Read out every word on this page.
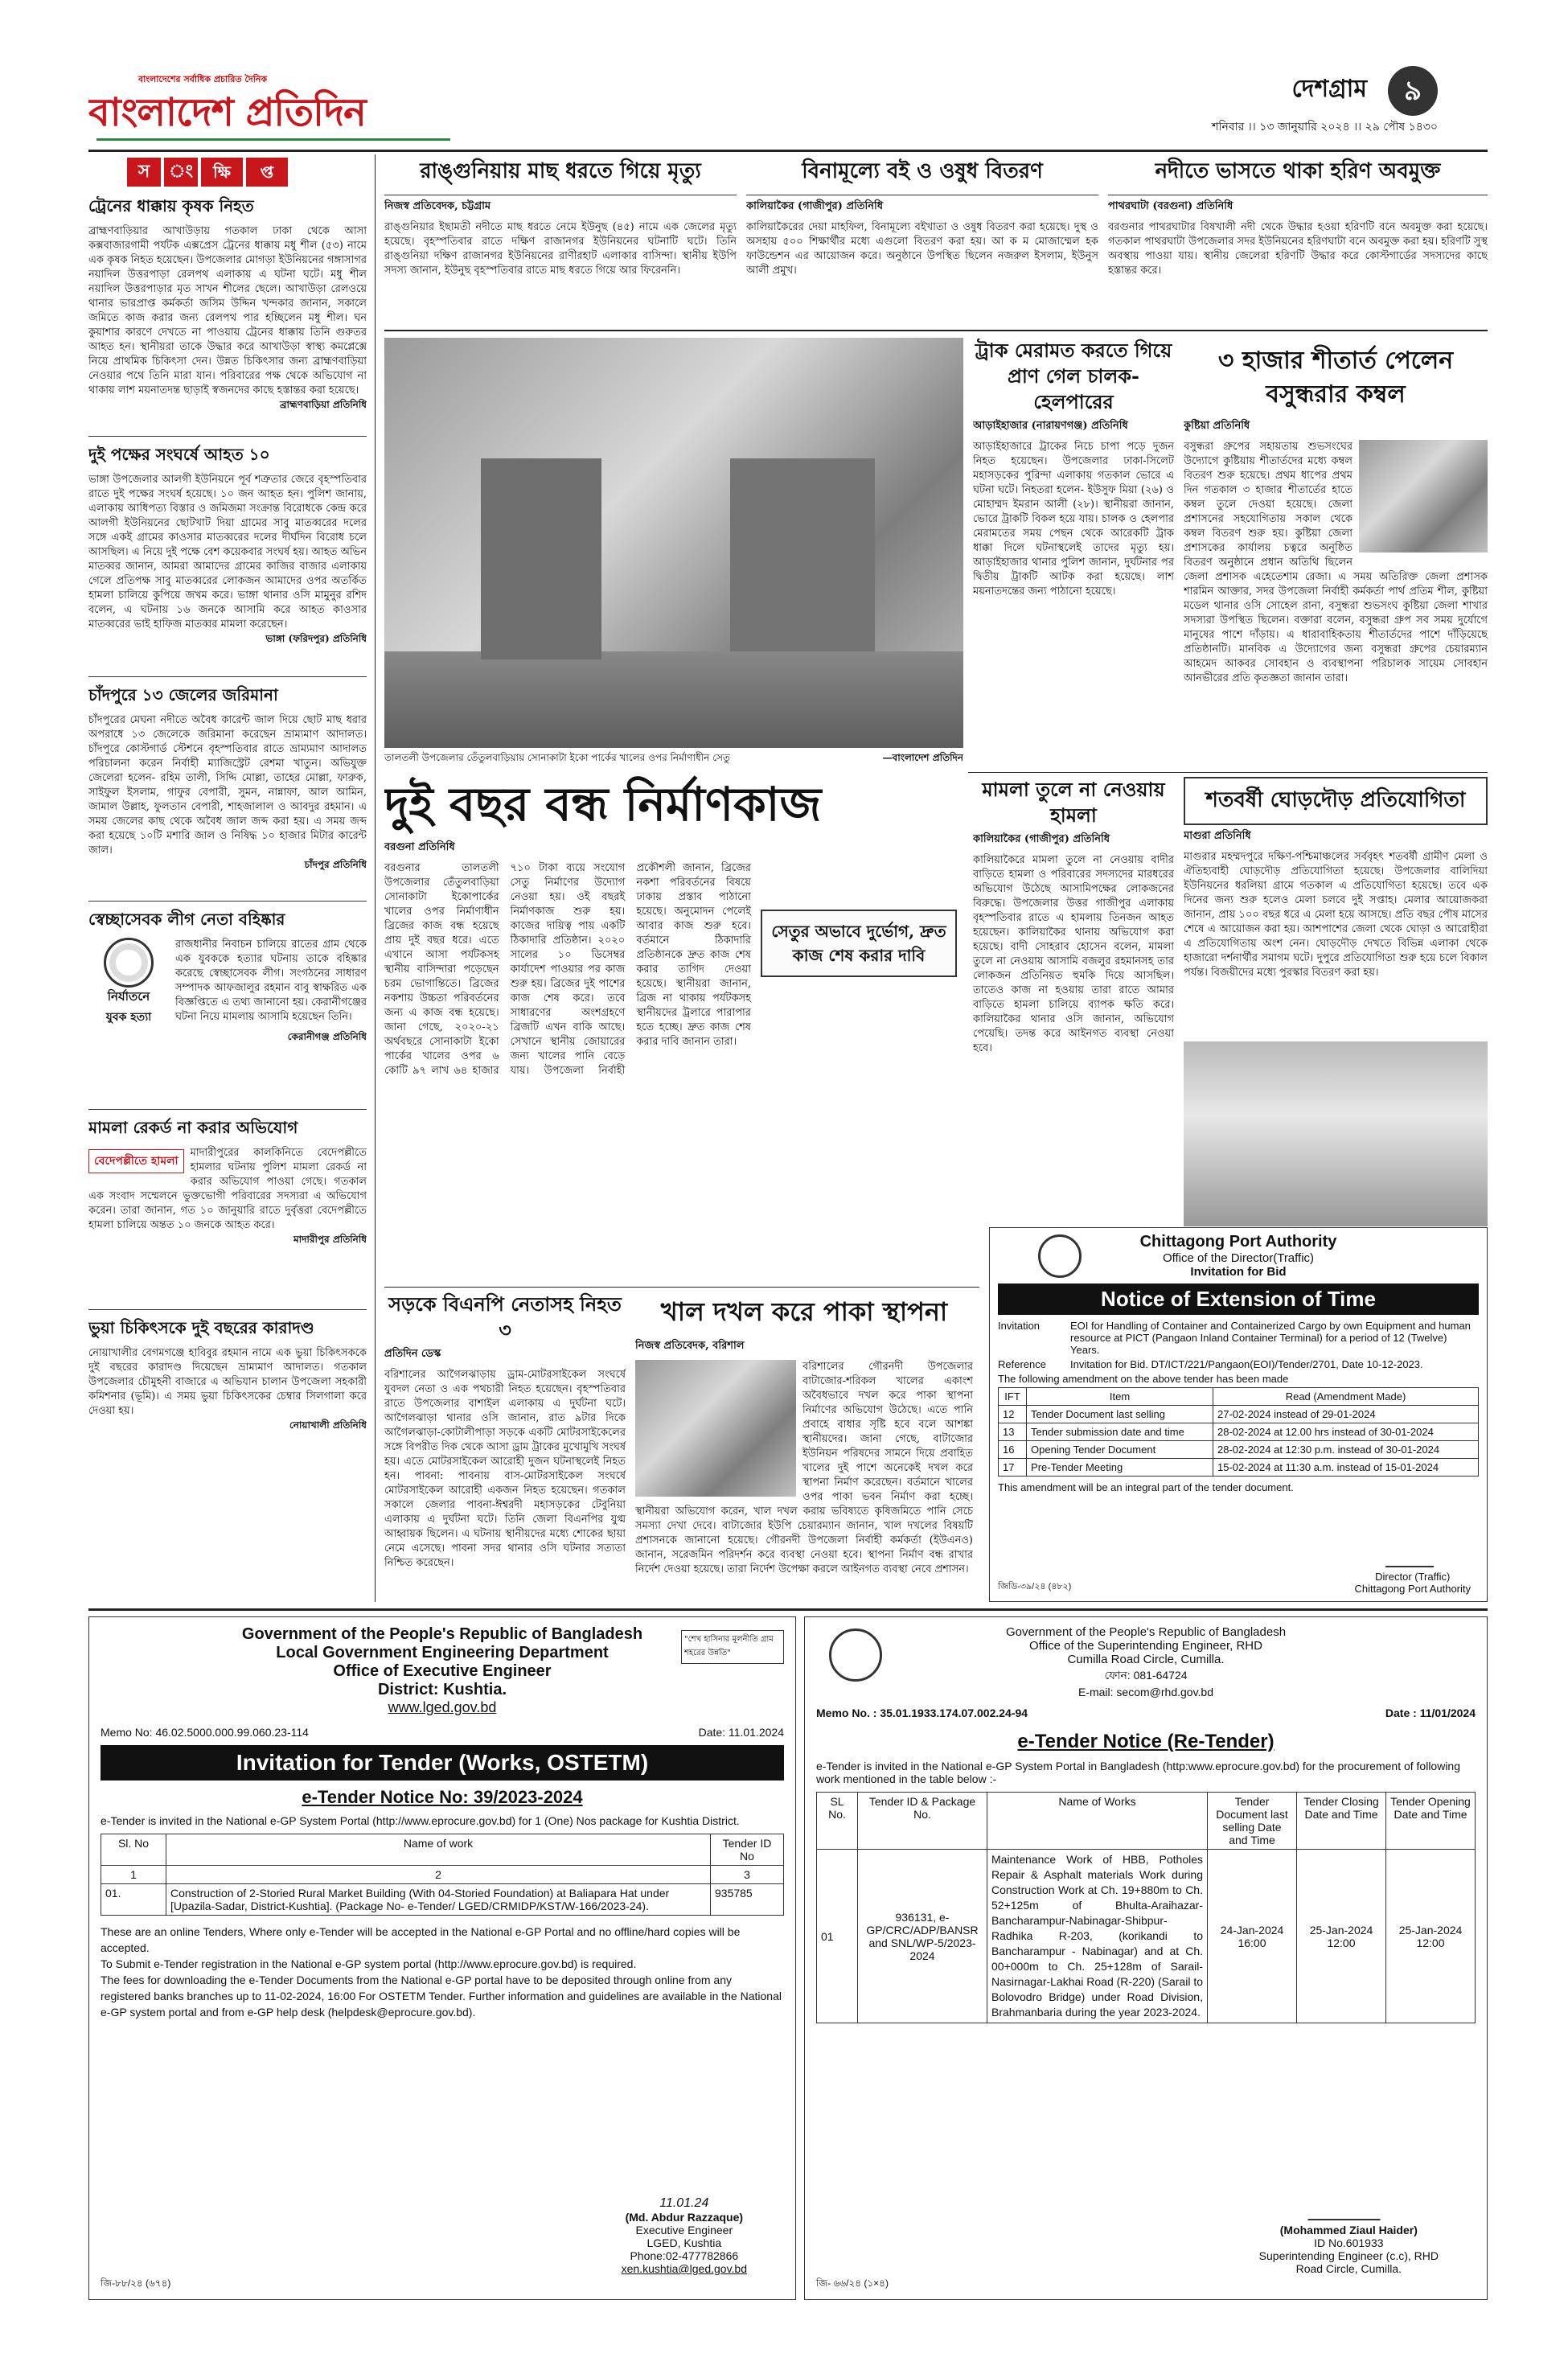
বাংলাদেশের সর্বাধিক প্রচারিত দৈনিক
বাংলাদেশ প্রতিদিন
দেশগ্রাম	৯
শনিবার ।। ১৩ জানুয়ারি ২০২৪ ।। ২৯ পৌষ ১৪৩০
স	ং	ক্ষি	প্ত
ট্রেনের ধাক্কায় কৃষক নিহত
ব্রাহ্মণবাড়িয়ার আখাউড়ায় গতকাল ঢাকা থেকে আসা কক্সবাজারগামী পর্যটক এক্সপ্রেস ট্রেনের ধাক্কায় মধু শীল (৫৩) নামে এক কৃষক নিহত হয়েছেন। উপজেলার মোগড়া ইউনিয়নের গঙ্গাসাগর নয়াদিল উত্তরপাড়া রেলপথ এলাকায় এ ঘটনা ঘটে। মধু শীল নয়াদিল উত্তরপাড়ার মৃত সাখন শীলের ছেলে। আখাউড়া রেলওয়ে থানার ভারপ্রাপ্ত কর্মকর্তা জসিম উদ্দিন খন্দকার জানান, সকালে জমিতে কাজ করার জন্য রেলপথ পার হচ্ছিলেন মধু শীল। ঘন কুয়াশার কারণে দেখতে না পাওয়ায় ট্রেনের ধাক্কায় তিনি গুরুতর আহত হন। স্থানীয়রা তাকে উদ্ধার করে আখাউড়া স্বাস্থ্য কমপ্লেক্সে নিয়ে প্রাথমিক চিকিৎসা দেন। উন্নত চিকিৎসার জন্য ব্রাহ্মণবাড়িয়া নেওয়ার পথে তিনি মারা যান। পরিবারের পক্ষ থেকে অভিযোগ না থাকায় লাশ ময়নাতদন্ত ছাড়াই স্বজনদের কাছে হস্তান্তর করা হয়েছে।
ব্রাহ্মণবাড়িয়া প্রতিনিধি
দুই পক্ষের সংঘর্ষে আহত ১০
ভাঙ্গা উপজেলার আলগী ইউনিয়নে পূর্ব শত্রুতার জেরে বৃহস্পতিবার রাতে দুই পক্ষের সংঘর্ষ হয়েছে। ১০ জন আহত হন। পুলিশ জানায়, এলাকায় আধিপত্য বিস্তার ও জমিজমা সংক্রান্ত বিরোধকে কেন্দ্র করে আলগী ইউনিয়নের ছোটখাট দিয়া গ্রামের সাবু মাতব্বরের দলের সঙ্গে একই গ্রামের কাওসার মাতব্বরের দলের দীর্ঘদিন বিরোধ চলে আসছিল। এ নিয়ে দুই পক্ষে বেশ কয়েকবার সংঘর্ষ হয়। আহত অভিন মাতব্বর জানান, আমরা আমাদের গ্রামের কাজির বাজার এলাকায় গেলে প্রতিপক্ষ সাবু মাতব্বরের লোকজন আমাদের ওপর অতর্কিত হামলা চালিয়ে কুপিয়ে জখম করে। ভাঙ্গা থানার ওসি মামুনুর রশিদ বলেন, এ ঘটনায় ১৬ জনকে আসামি করে আহত কাওসার মাতব্বরের ভাই হাফিজ মাতব্বর মামলা করেছেন।
ভাঙ্গা (ফরিদপুর) প্রতিনিধি
চাঁদপুরে ১৩ জেলের জরিমানা
চাঁদপুরের মেঘনা নদীতে অবৈধ কারেন্ট জাল দিয়ে ছোট মাছ ধরার অপরাধে ১৩ জেলেকে জরিমানা করেছেন ভ্রাম্যমাণ আদালত। চাঁদপুরে কোস্টগার্ড স্টেশনে বৃহস্পতিবার রাতে ভ্রাম্যমাণ আদালত পরিচালনা করেন নির্বাহী ম্যাজিস্ট্রেট রেশমা খাতুন। অভিযুক্ত জেলেরা হলেন- রহিম তালী, সিদ্দি মোল্লা, তাহের মোল্লা, ফারুক, সাইফুল ইসলাম, গাফুর বেপারী, সুমন, নান্নাফা, আল আমিন, জামাল উল্লাহ, ফুলতান বেপারী, শাহজালাল ও আবদুর রহমান। এ সময় জেলের কাছ থেকে অবৈধ জাল জব্দ করা হয়। এ সময় জব্দ করা হয়েছে ১০টি মশারি জাল ও নিষিদ্ধ ১০ হাজার মিটার কারেন্ট জাল।
চাঁদপুর প্রতিনিধি
স্বেচ্ছাসেবক লীগ নেতা বহিষ্কার
নির্যাতনে
যুবক হত্যা
রাজধানীর নিবাচন চালিয়ে রাতের গ্রাম থেকে এক যুবককে হত্যার ঘটনায় তাকে বহিষ্কার করেছে স্বেচ্ছাসেবক লীগ। সংগঠনের সাধারণ সম্পাদক আফজালুর রহমান বাবু স্বাক্ষরিত এক বিজ্ঞপ্তিতে এ তথ্য জানানো হয়। কেরানীগঞ্জের ঘটনা নিয়ে মামলায় আসামি হয়েছেন তিনি।
কেরানীগঞ্জ প্রতিনিধি
মামলা রেকর্ড না করার অভিযোগ
বেদেপল্লীতে হামলা
মাদারীপুরের কালকিনিতে বেদেপল্লীতে হামলার ঘটনায় পুলিশ মামলা রেকর্ড না করার অভিযোগ পাওয়া গেছে। গতকাল এক সংবাদ সম্মেলনে ভুক্তভোগী পরিবারের সদস্যরা এ অভিযোগ করেন। তারা জানান, গত ১০ জানুয়ারি রাতে দুর্বৃত্তরা বেদেপল্লীতে হামলা চালিয়ে অন্তত ১০ জনকে আহত করে।
মাদারীপুর প্রতিনিধি
ভুয়া চিকিৎসকে দুই বছরের কারাদণ্ড
নোয়াখালীর বেগমগঞ্জে হাবিবুর রহমান নামে এক ভুয়া চিকিৎসককে দুই বছরের কারাদণ্ড দিয়েছেন ভ্রাম্যমাণ আদালত। গতকাল উপজেলার চৌমুহনী বাজারে এ অভিযান চালান উপজেলা সহকারী কমিশনার (ভূমি)। এ সময় ভুয়া চিকিৎসকের চেম্বার সিলগালা করে দেওয়া হয়।
নোয়াখালী প্রতিনিধি
রাঙ্গুনিয়ায় মাছ ধরতে গিয়ে মৃত্যু
নিজস্ব প্রতিবেদক, চট্টগ্রাম
রাঙ্গুনিয়ার ইছামতী নদীতে মাছ ধরতে নেমে ইউনুছ (৪৫) নামে এক জেলের মৃত্যু হয়েছে। বৃহস্পতিবার রাতে দক্ষিণ রাজানগর ইউনিয়নের ঘটনাটি ঘটে। তিনি রাঙ্গুনিয়া দক্ষিণ রাজানগর ইউনিয়নের রাণীরহাট এলাকার বাসিন্দা। স্থানীয় ইউপি সদস্য জানান, ইউনুছ বৃহস্পতিবার রাতে মাছ ধরতে গিয়ে আর ফিরেননি।
বিনামূল্যে বই ও ওষুধ বিতরণ
কালিয়াকৈর (গাজীপুর) প্রতিনিধি
কালিয়াকৈরের দেয়া মাহফিল, বিনামূল্যে বইখাতা ও ওষুধ বিতরণ করা হয়েছে। দুস্থ ও অসহায় ৫০০ শিক্ষার্থীর মধ্যে এগুলো বিতরণ করা হয়। আ ক ম মোজাম্মেল হক ফাউন্ডেশন এর আয়োজন করে। অনুষ্ঠানে উপস্থিত ছিলেন নজরুল ইসলাম, ইউনুস আলী প্রমুখ।
নদীতে ভাসতে থাকা হরিণ অবমুক্ত
পাথরঘাটা (বরগুনা) প্রতিনিধি
বরগুনার পাথরঘাটার বিষখালী নদী থেকে উদ্ধার হওয়া হরিণটি বনে অবমুক্ত করা হয়েছে। গতকাল পাথরঘাটা উপজেলার সদর ইউনিয়নের হরিণঘাটা বনে অবমুক্ত করা হয়। হরিণটি সুস্থ অবস্থায় পাওয়া যায়। স্থানীয় জেলেরা হরিণটি উদ্ধার করে কোস্টগার্ডের সদস্যদের কাছে হস্তান্তর করে।
তালতলী উপজেলার তেঁতুলবাড়িয়ায় সোনাকাটা ইকো পার্কের খালের ওপর নির্মাণাধীন সেতু	—বাংলাদেশ প্রতিদিন
ট্রাক মেরামত করতে গিয়ে প্রাণ গেল চালক-হেলপারের
আড়াইহাজার (নারায়ণগঞ্জ) প্রতিনিধি
আড়াইহাজারে ট্রাকের নিচে চাপা পড়ে দুজন নিহত হয়েছেন। উপজেলার ঢাকা-সিলেট মহাসড়কের পুরিন্দা এলাকায় গতকাল ভোরে এ ঘটনা ঘটে। নিহতরা হলেন- ইউসুফ মিয়া (২৬) ও মোহাম্মদ ইমরান আলী (২৮)। স্থানীয়রা জানান, ভোরে ট্রাকটি বিকল হয়ে যায়। চালক ও হেলপার মেরামতের সময় পেছন থেকে আরেকটি ট্রাক ধাক্কা দিলে ঘটনাস্থলেই তাদের মৃত্যু হয়। আড়াইহাজার থানার পুলিশ জানান, দুর্ঘটনার পর দ্বিতীয় ট্রাকটি আটক করা হয়েছে। লাশ ময়নাতদন্তের জন্য পাঠানো হয়েছে।
৩ হাজার শীতার্ত পেলেন বসুন্ধরার কম্বল
কুষ্টিয়া প্রতিনিধি
বসুন্ধরা গ্রুপের সহায়তায় শুভসংঘের উদ্যোগে কুষ্টিয়ায় শীতার্তদের মধ্যে কম্বল বিতরণ শুরু হয়েছে। প্রথম ধাপের প্রথম দিন গতকাল ৩ হাজার শীতার্তের হাতে কম্বল তুলে দেওয়া হয়েছে। জেলা প্রশাসনের সহযোগিতায় সকাল থেকে কম্বল বিতরণ শুরু হয়। কুষ্টিয়া জেলা প্রশাসকের কার্যালয় চত্বরে অনুষ্ঠিত বিতরণ অনুষ্ঠানে প্রধান অতিথি ছিলেন জেলা প্রশাসক এহেতেশাম রেজা। এ সময় অতিরিক্ত জেলা প্রশাসক শারমিন আক্তার, সদর উপজেলা নির্বাহী কর্মকর্তা পার্থ প্রতিম শীল, কুষ্টিয়া মডেল থানার ওসি সোহেল রানা, বসুন্ধরা শুভসংঘ কুষ্টিয়া জেলা শাখার সদস্যরা উপস্থিত ছিলেন। বক্তারা বলেন, বসুন্ধরা গ্রুপ সব সময় দুর্যোগে মানুষের পাশে দাঁড়ায়। এ ধারাবাহিকতায় শীতার্তদের পাশে দাঁড়িয়েছে প্রতিষ্ঠানটি। মানবিক এ উদ্যোগের জন্য বসুন্ধরা গ্রুপের চেয়ারম্যান আহমেদ আকবর সোবহান ও ব্যবস্থাপনা পরিচালক সায়েম সোবহান আনভীরের প্রতি কৃতজ্ঞতা জানান তারা।
দুই বছর বন্ধ নির্মাণকাজ
বরগুনা প্রতিনিধি
সেতুর অভাবে দুর্ভোগ, দ্রুত কাজ শেষ করার দাবি
বরগুনার তালতলী উপজেলার তেঁতুলবাড়িয়া সোনাকাটা ইকোপার্কের খালের ওপর নির্মাণাধীন ব্রিজের কাজ বন্ধ হয়েছে প্রায় দুই বছর ধরে। এতে এখানে আসা পর্যটকসহ স্থানীয় বাসিন্দারা পড়েছেন চরম ভোগান্তিতে। ব্রিজের নকশায় উচ্চতা পরিবর্তনের জন্য এ কাজ বন্ধ হয়েছে। জানা গেছে, ২০২০-২১ অর্থবছরে সোনাকাটা ইকো পার্কের খালের ওপর ৬ কোটি ৯৭ লাখ ৬৪ হাজার ৭১০ টাকা ব্যয়ে সংযোগ সেতু নির্মাণের উদ্যোগ নেওয়া হয়। ওই বছরই নির্মাণকাজ শুরু হয়। কাজের দায়িত্ব পায় একটি ঠিকাদারি প্রতিষ্ঠান। ২০২০ সালের ১০ ডিসেম্বর কার্যাদেশ পাওয়ার পর কাজ শুরু হয়। ব্রিজের দুই পাশের কাজ শেষ করে। তবে সাধারণের অংশগ্রহণে ব্রিজটি এখন বাকি আছে। সেখানে স্থানীয় জোয়ারের জন্য খালের পানি বেড়ে যায়। উপজেলা নির্বাহী প্রকৌশলী জানান, ব্রিজের নকশা পরিবর্তনের বিষয়ে ঢাকায় প্রস্তাব পাঠানো হয়েছে। অনুমোদন পেলেই আবার কাজ শুরু হবে। বর্তমানে ঠিকাদারি প্রতিষ্ঠানকে দ্রুত কাজ শেষ করার তাগিদ দেওয়া হয়েছে। স্থানীয়রা জানান, ব্রিজ না থাকায় পর্যটকসহ স্থানীয়দের ট্রলারে পারাপার হতে হচ্ছে। দ্রুত কাজ শেষ করার দাবি জানান তারা।
মামলা তুলে না নেওয়ায় হামলা
কালিয়াকৈর (গাজীপুর) প্রতিনিধি
কালিয়াকৈরে মামলা তুলে না নেওয়ায় বাদীর বাড়িতে হামলা ও পরিবারের সদস্যদের মারধরের অভিযোগ উঠেছে আসামিপক্ষের লোকজনের বিরুদ্ধে। উপজেলার উত্তর গাজীপুর এলাকায় বৃহস্পতিবার রাতে এ হামলায় তিনজন আহত হয়েছেন। কালিয়াকৈর থানায় অভিযোগ করা হয়েছে। বাদী সোহরাব হোসেন বলেন, মামলা তুলে না নেওয়ায় আসামি বজলুর রহমানসহ তার লোকজন প্রতিনিয়ত হুমকি দিয়ে আসছিল। তাতেও কাজ না হওয়ায় তারা রাতে আমার বাড়িতে হামলা চালিয়ে ব্যাপক ক্ষতি করে। কালিয়াকৈর থানার ওসি জানান, অভিযোগ পেয়েছি। তদন্ত করে আইনগত ব্যবস্থা নেওয়া হবে।
শতবর্ষী ঘোড়দৌড় প্রতিযোগিতা
মাগুরা প্রতিনিধি
মাগুরার মহম্মদপুরে দক্ষিণ-পশ্চিমাঞ্চলের সর্ববৃহৎ শতবর্ষী গ্রামীণ মেলা ও ঐতিহ্যবাহী ঘোড়দৌড় প্রতিযোগিতা হয়েছে। উপজেলার বালিদিয়া ইউনিয়নের ধরলিয়া গ্রামে গতকাল এ প্রতিযোগিতা হয়েছে। তবে এক দিনের জন্য শুরু হলেও মেলা চলবে দুই সপ্তাহ। মেলার আয়োজকরা জানান, প্রায় ১০০ বছর ধরে এ মেলা হয়ে আসছে। প্রতি বছর পৌষ মাসের শেষে এ আয়োজন করা হয়। আশপাশের জেলা থেকে ঘোড়া ও আরোহীরা এ প্রতিযোগিতায় অংশ নেন। ঘোড়দৌড় দেখতে বিভিন্ন এলাকা থেকে হাজারো দর্শনার্থীর সমাগম ঘটে। দুপুরে প্রতিযোগিতা শুরু হয়ে চলে বিকাল পর্যন্ত। বিজয়ীদের মধ্যে পুরস্কার বিতরণ করা হয়।
সড়কে বিএনপি নেতাসহ নিহত ৩
প্রতিদিন ডেস্ক
বরিশালের আগৈলঝাড়ায় ড্রাম-মোটরসাইকেল সংঘর্ষে যুবদল নেতা ও এক পথচারী নিহত হয়েছেন। বৃহস্পতিবার রাতে উপজেলার বাশাইল এলাকায় এ দুর্ঘটনা ঘটে। আগৈলঝাড়া থানার ওসি জানান, রাত ৯টার দিকে আগৈলঝাড়া-কোটালীপাড়া সড়কে একটি মোটরসাইকেলের সঙ্গে বিপরীত দিক থেকে আসা ড্রাম ট্রাকের মুখোমুখি সংঘর্ষ হয়। এতে মোটরসাইকেল আরোহী দুজন ঘটনাস্থলেই নিহত হন। পাবনা: পাবনায় বাস-মোটরসাইকেল সংঘর্ষে মোটরসাইকেল আরোহী একজন নিহত হয়েছেন। গতকাল সকালে জেলার পাবনা-ঈশ্বরদী মহাসড়কের টেবুনিয়া এলাকায় এ দুর্ঘটনা ঘটে। তিনি জেলা বিএনপির যুগ্ম আহ্বায়ক ছিলেন। এ ঘটনায় স্থানীয়দের মধ্যে শোকের ছায়া নেমে এসেছে। পাবনা সদর থানার ওসি ঘটনার সত্যতা নিশ্চিত করেছেন।
খাল দখল করে পাকা স্থাপনা
নিজস্ব প্রতিবেদক, বরিশাল
বরিশালের গৌরনদী উপজেলার বাটাজোর-শরিকল খালের একাংশ অবৈধভাবে দখল করে পাকা স্থাপনা নির্মাণের অভিযোগ উঠেছে। এতে পানি প্রবাহে বাধার সৃষ্টি হবে বলে আশঙ্কা স্থানীয়দের। জানা গেছে, বাটাজোর ইউনিয়ন পরিষদের সামনে দিয়ে প্রবাহিত খালের দুই পাশে অনেকেই দখল করে স্থাপনা নির্মাণ করেছেন। বর্তমানে খালের ওপর পাকা ভবন নির্মাণ করা হচ্ছে। স্থানীয়রা অভিযোগ করেন, খাল দখল করায় ভবিষ্যতে কৃষিজমিতে পানি সেচে সমস্যা দেখা দেবে। বাটাজোর ইউপি চেয়ারম্যান জানান, খাল দখলের বিষয়টি প্রশাসনকে জানানো হয়েছে। গৌরনদী উপজেলা নির্বাহী কর্মকর্তা (ইউএনও) জানান, সরেজমিন পরিদর্শন করে ব্যবস্থা নেওয়া হবে। স্থাপনা নির্মাণ বন্ধ রাখার নির্দেশ দেওয়া হয়েছে। তারা নির্দেশ উপেক্ষা করলে আইনগত ব্যবস্থা নেবে প্রশাসন।
Chittagong Port Authority
Office of the Director(Traffic)
Invitation for Bid
Notice of Extension of Time
Invitation	EOI for Handling of Container and Containerized Cargo by own Equipment and human resource at PICT (Pangaon Inland Container Terminal) for a period of 12 (Twelve) Years.
Reference	Invitation for Bid. DT/ICT/221/Pangaon(EOI)/Tender/2701, Date 10-12-2023.
The following amendment on the above tender has been made
IFT	Item	Read (Amendment Made)
12	Tender Document last selling	27-02-2024 instead of 29-01-2024
13	Tender submission date and time	28-02-2024 at 12.00 hrs instead of 30-01-2024
16	Opening Tender Document	28-02-2024 at 12:30 p.m. instead of 30-01-2024
17	Pre-Tender Meeting	15-02-2024 at 11:30 a.m. instead of 15-01-2024
This amendment will be an integral part of the tender document.
Director (Traffic)
Chittagong Port Authority
জিডি-৩৯/২৪ (৪৮২)
Government of the People's Republic of Bangladesh
Local Government Engineering Department
Office of Executive Engineer
District: Kushtia.
www.lged.gov.bd
"শেখ হাসিনার মূলনীতি গ্রাম শহরের উন্নতি"
Memo No: 46.02.5000.000.99.060.23-114	Date: 11.01.2024
Invitation for Tender (Works, OSTETM)
e-Tender Notice No: 39/2023-2024
e-Tender is invited in the National e-GP System Portal (http://www.eprocure.gov.bd) for 1 (One) Nos package for Kushtia District.
Sl. No	Name of work	Tender ID No
1	2	3
01.	Construction of 2-Storied Rural Market Building (With 04-Storied Foundation) at Baliapara Hat under [Upazila-Sadar, District-Kushtia]. (Package No- e-Tender/ LGED/CRMIDP/KST/W-166/2023-24).	935785
These are an online Tenders, Where only e-Tender will be accepted in the National e-GP Portal and no offline/hard copies will be accepted.
To Submit e-Tender registration in the National e-GP system portal (http://www.eprocure.gov.bd) is required.
The fees for downloading the e-Tender Documents from the National e-GP portal have to be deposited through online from any registered banks branches up to 11-02-2024, 16:00 For OSTETM Tender. Further information and guidelines are available in the National e-GP system portal and from e-GP help desk (helpdesk@eprocure.gov.bd).
11.01.24
(Md. Abdur Razzaque)
Executive Engineer
LGED, Kushtia
Phone:02-477782866
xen.kushtia@lged.gov.bd
জি-৮৮/২৪ (৬৭৪)
Government of the People's Republic of Bangladesh
Office of the Superintending Engineer, RHD
Cumilla Road Circle, Cumilla.
ফোন: 081-64724
E-mail: secom@rhd.gov.bd
Memo No. : 35.01.1933.174.07.002.24-94	Date : 11/01/2024
e-Tender Notice (Re-Tender)
e-Tender is invited in the National e-GP System Portal in Bangladesh (http:www.eprocure.gov.bd) for the procurement of following work mentioned in the table below :-
SL No.	Tender ID & Package No.	Name of Works	Tender Document last selling Date and Time	Tender Closing Date and Time	Tender Opening Date and Time
01	936131, e-GP/CRC/ADP/BANSR and SNL/WP-5/2023-2024	Maintenance Work of HBB, Potholes Repair & Asphalt materials Work during Construction Work at Ch. 19+880m to Ch. 52+125m of Bhulta-Araihazar-Bancharampur-Nabinagar-Shibpur-Radhika R-203, (korikandi to Bancharampur - Nabinagar) and at Ch. 00+000m to Ch. 25+128m of Sarail-Nasirnagar-Lakhai Road (R-220) (Sarail to Bolovodro Bridge) under Road Division, Brahmanbaria during the year 2023-2024.	24-Jan-2024 16:00	25-Jan-2024 12:00	25-Jan-2024 12:00
(Mohammed Ziaul Haider)
ID No.601933
Superintending Engineer (c.c), RHD
Road Circle, Cumilla.
জি- ৬৬/২৪ (১×৪)
